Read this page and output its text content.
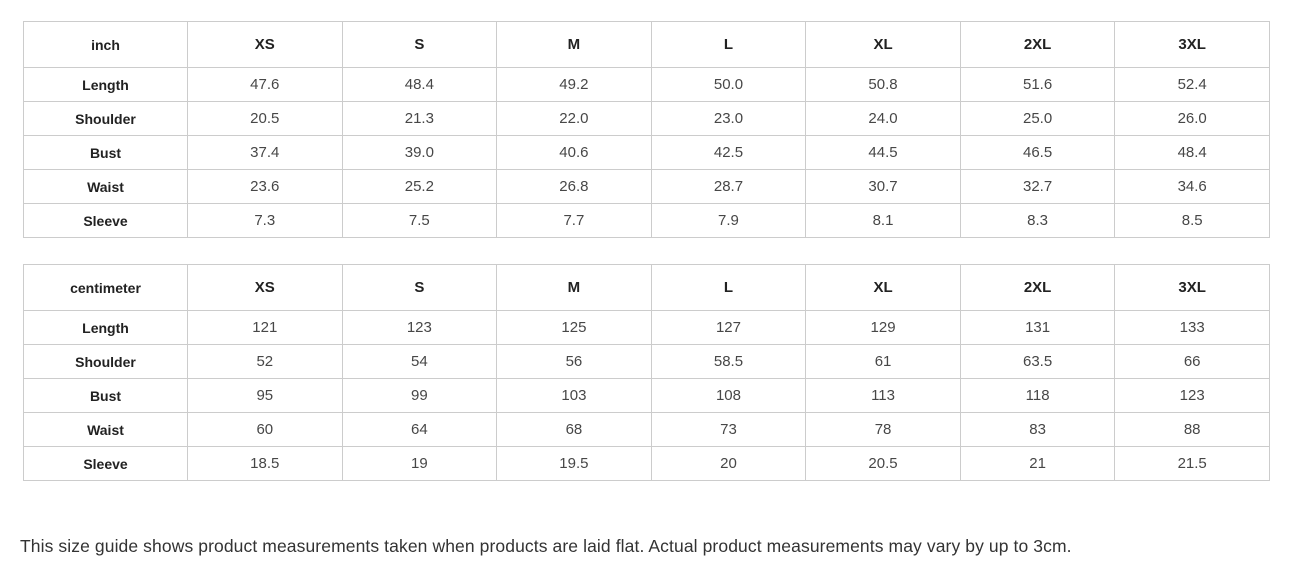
inch	XS	S	M	L	XL	2XL	3XL
Length	47.6	48.4	49.2	50.0	50.8	51.6	52.4
Shoulder	20.5	21.3	22.0	23.0	24.0	25.0	26.0
Bust	37.4	39.0	40.6	42.5	44.5	46.5	48.4
Waist	23.6	25.2	26.8	28.7	30.7	32.7	34.6
Sleeve	7.3	7.5	7.7	7.9	8.1	8.3	8.5
centimeter	XS	S	M	L	XL	2XL	3XL
Length	121	123	125	127	129	131	133
Shoulder	52	54	56	58.5	61	63.5	66
Bust	95	99	103	108	113	118	123
Waist	60	64	68	73	78	83	88
Sleeve	18.5	19	19.5	20	20.5	21	21.5

This size guide shows product measurements taken when products are laid flat. Actual product measurements may vary by up to 3cm.
